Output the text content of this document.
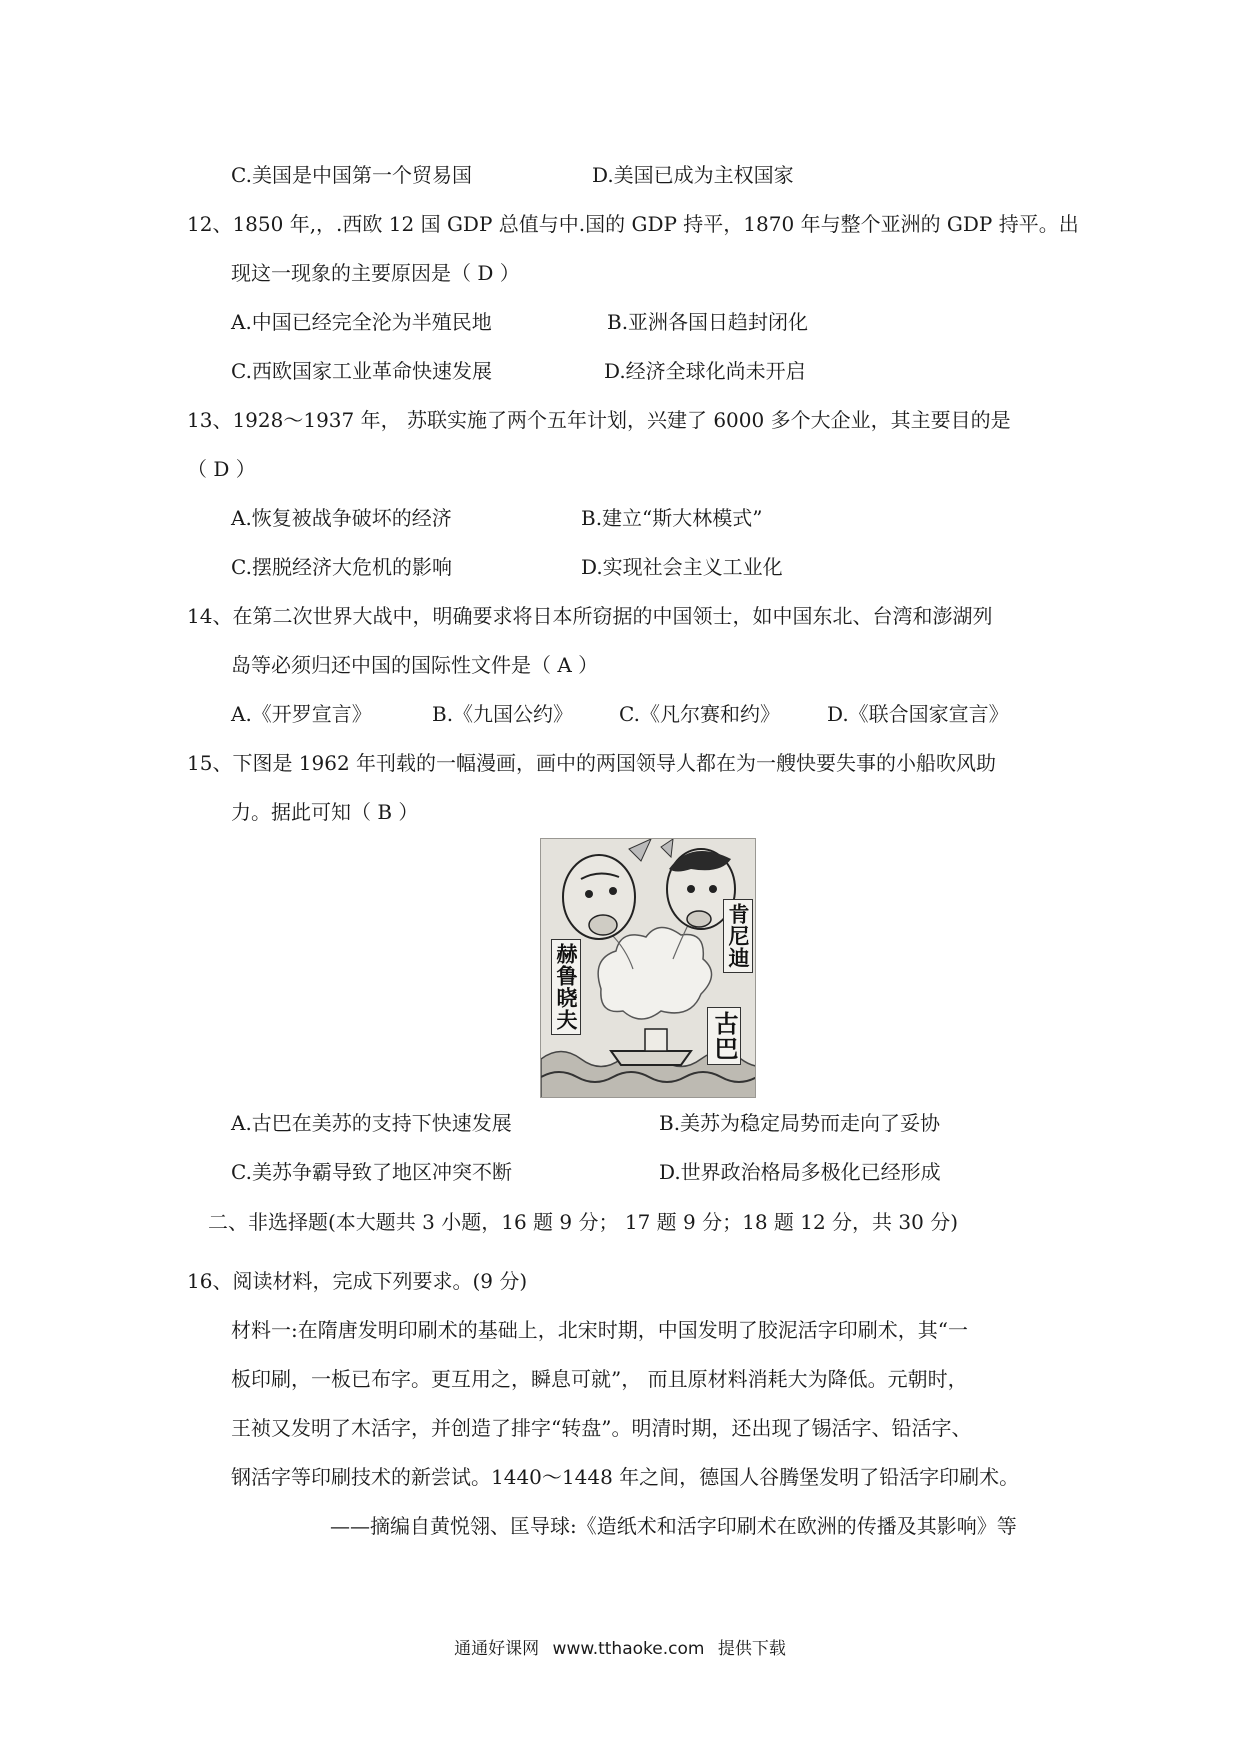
C.美国是中国第一个贸易国	D.美国已成为主权国家
12、1850 年,，.西欧 12 国 GDP 总值与中.国的 GDP 持平，1870 年与整个亚洲的 GDP 持平。出
现这一现象的主要原因是（ D ）
A.中国已经完全沦为半殖民地	B.亚洲各国日趋封闭化
C.西欧国家工业革命快速发展	D.经济全球化尚未开启
13、1928～1937 年， 苏联实施了两个五年计划，兴建了 6000 多个大企业，其主要目的是
（ D ）
A.恢复被战争破坏的经济	B.建立“斯大林模式”
C.摆脱经济大危机的影响	D.实现社会主义工业化
14、在第二次世界大战中，明确要求将日本所窃据的中国领士，如中国东北、台湾和澎湖列
岛等必须归还中国的国际性文件是（ A ）
A.《开罗宣言》	B.《九国公约》 C.《凡尔赛和约》 D.《联合国家宣言》
15、下图是 1962 年刊载的一幅漫画，画中的两国领导人都在为一艘快要失事的小船吹风助
力。据此可知（ B ）
赫鲁晓夫
肯尼迪
古巴
A.古巴在美苏的支持下快速发展	B.美苏为稳定局势而走向了妥协
C.美苏争霸导致了地区冲突不断	D.世界政治格局多极化已经形成
二、非选择题(本大题共 3 小题，16 题 9 分； 17 题 9 分；18 题 12 分，共 30 分)
16、阅读材料，完成下列要求。(9 分)
材料一:在隋唐发明印刷术的基础上，北宋时期，中国发明了胶泥活字印刷术，其“一
板印刷，一板已布字。更互用之，瞬息可就”， 而且原材料消耗大为降低。元朝时，
王祯又发明了木活字，并创造了排字“转盘”。明清时期，还出现了锡活字、铅活字、
钢活字等印刷技术的新尝试。1440～1448 年之间，德国人谷腾堡发明了铅活字印刷术。
——摘编自黄悦翎、匡导球:《造纸术和活字印刷术在欧洲的传播及其影响》等
通通好课网 www.tthaoke.com 提供下载
